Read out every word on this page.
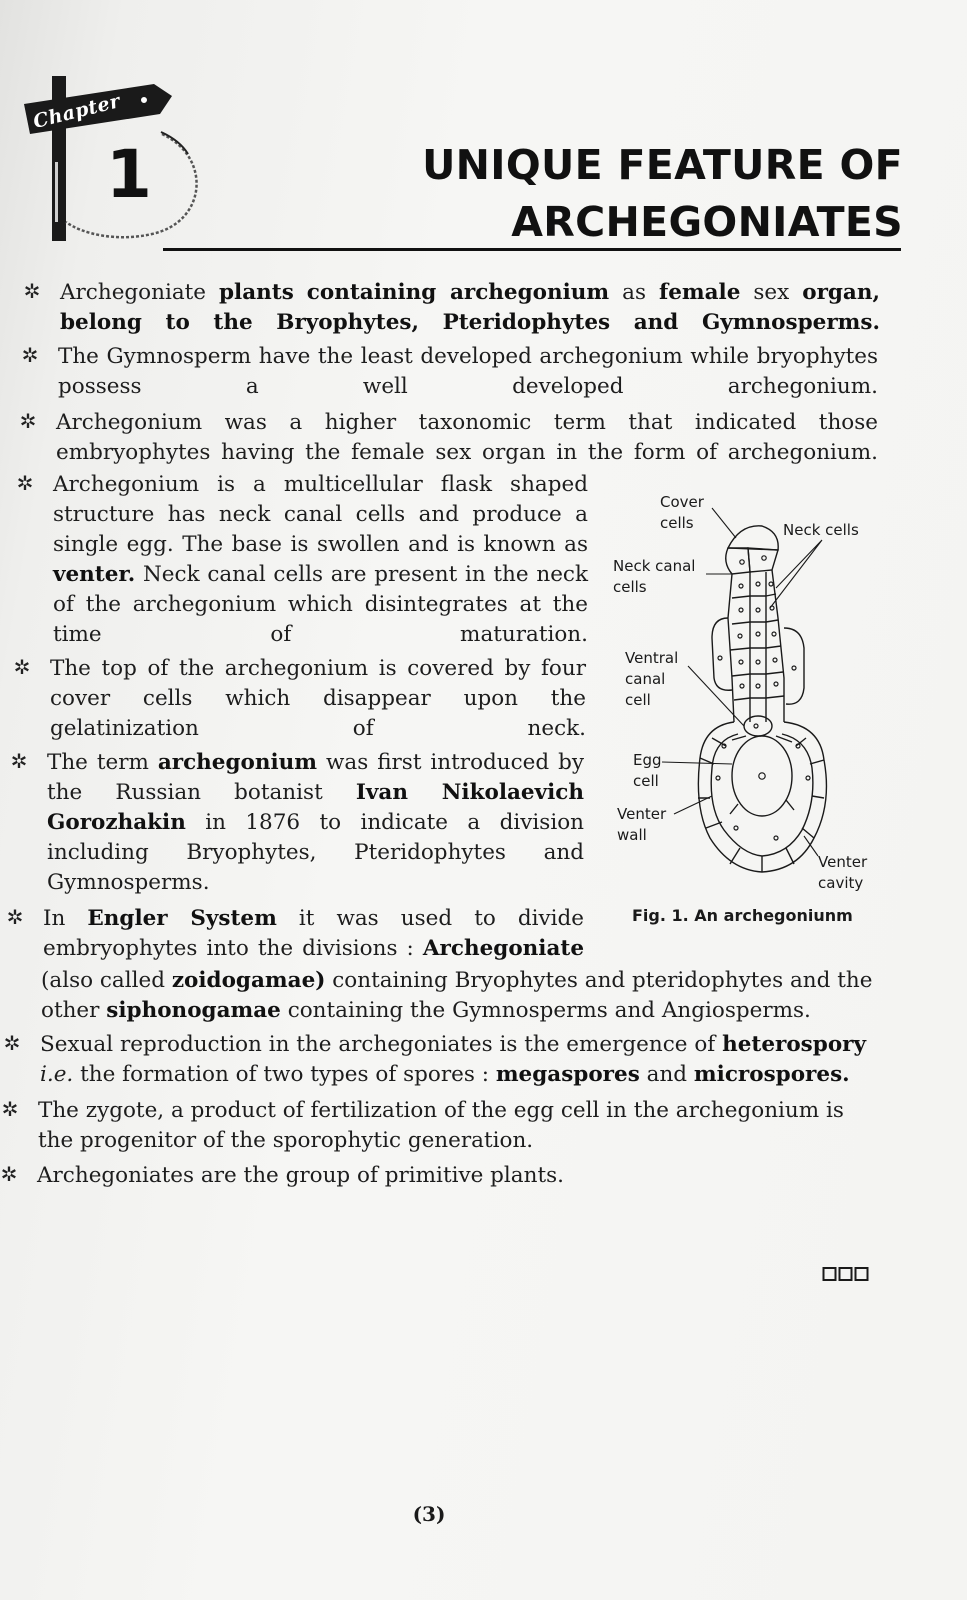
Chapter
1	UNIQUE FEATURE OF
ARCHEGONIATES
✲ Archegoniate plants containing archegonium as female sex organ, belong to the Bryophytes, Pteridophytes and Gymnosperms.
✲ The Gymnosperm have the least developed archegonium while bryophytes possess a well developed archegonium.
✲ Archegonium was a higher taxonomic term that indicated those embryophytes having the female sex organ in the form of archegonium.
✲ Archegonium is a multicellular flask shaped structure has neck canal cells and produce a single egg. The base is swollen and is known as venter. Neck canal cells are present in the neck of the archegonium which disintegrates at the time of maturation.
✲ The top of the archegonium is covered by four cover cells which disappear upon the gelatinization of neck.
✲ The term archegonium was first introduced by the Russian botanist Ivan Nikolaevich Gorozhakin in 1876 to indicate a division including Bryophytes, Pteridophytes and Gymnosperms.
✲ In Engler System it was used to divide embryophytes into the divisions : Archegoniate
(also called zoidogamae) containing Bryophytes and pteridophytes and the other siphonogamae containing the Gymnosperms and Angiosperms.
✲ Sexual reproduction in the archegoniates is the emergence of heterospory i.e. the formation of two types of spores : megaspores and microspores.
✲ The zygote, a product of fertilization of the egg cell in the archegonium is the progenitor of the sporophytic generation.
✲ Archegoniates are the group of primitive plants.
Cover
cells	Neck cells
Neck canal
cells
Ventral
canal
cell
Egg
cell
Venter
wall
Venter
cavity
Fig. 1. An archegoniunm
(3)
